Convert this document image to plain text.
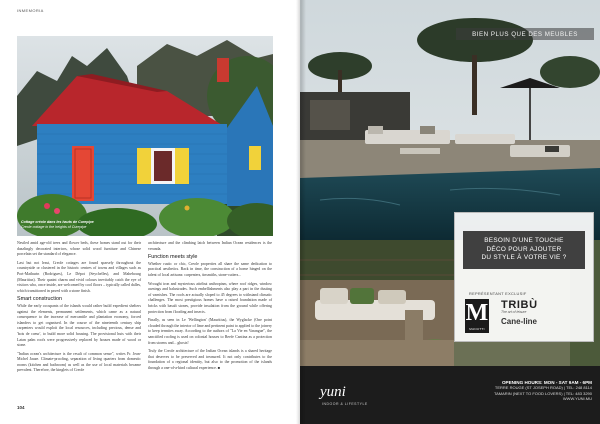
INMEMORIA
Cottage créole dans les hauts de Curepipe
Creole cottage in the heights of Curepipe

Nestled amid age-old trees and flower beds, these homes stand out for their dazzlingly decorated interiors, whose solid wood furniture and Chinese porcelain set the standard of elegance.

Last but not least, Creole cottages are found sparsely throughout the countryside or clustered in the historic centres of towns and villages such as Port-Mathurin (Rodrigues), Le Dépot (Seychelles), and Mahebourg (Mauritius). Their quaint charm and vivid colours inevitably catch the eye of visitors who, once inside, are welcomed by cool floors – typically called dalles, which transitioned in paved with a stone finish.

Smart construction

While the early occupants of the islands would rather build expedient shelters against the elements, permanent settlements, which came as a natural consequence to the increase of mercantile and plantation economy, forced islanders to get organised. In the course of the nineteenth century ship carpenters would exploit the local resources, including precious, dense and 'bois de coeur', to build more solid housing. The provisional huts with their Latan palm roofs were progressively replaced by houses made of wood or stone.

"Indian ocean's architecture is the result of common sense", writes Fr. Jean-Michel Jauze. Climate-proofing, separation of living quarters from domestic rooms (kitchen and bathroom) as well as the use of local materials became prevalent. Therefore, the kinglets of Creole

architecture and the climbing latch between Indian Ocean residences is the veranda.

Function meets style

Whether rustic or chic, Creole properties all share the same dedication to practical aesthetics. Back in time, the construction of a home hinged on the talent of local artisans: carpenters, tinsmiths, stone-cutters...

Wrought iron and mysterious attribut anthropism, where roof ridges, window awnings and balustrades. Such embellishments also play a part in the dusting of varnishes. The roofs are actually sloped to 45 degrees to withstand climatic challenges. The most prestigious homes have a raised foundation made of bricks with basalt stones, provide insulation from the ground while offering protection from flooding and insects.

Finally, as seen in Le 'Wellington' (Mauritius), the Wyglacke (One point clouded through the interior of lime and pertinent paint to applied to the joinery to keep termites away. According to the authors of "La Vie en Varangue", the sanctified roofing is used on colonial houses to Reefe Cantina as a protection from storms and... ghosts!

Truly the Creole architecture of the Indian Ocean islands is a shared heritage that deserves to be preserved and treasured. It not only contributes to the foundation of a regional identity, but also to the promotion of the islands through a one-of-a-kind cultural experience. ■

104
BIEN PLUS QUE DES MEUBLES
BESOIN D'UNE TOUCHE
DÉCO POUR AJOUTER
DU STYLE À VOTRE VIE ?
REPRÉSENTANT EXCLUSIF
M
MANUTTI
TRIBÙ
The art of leisure
Cane-line
yuni
INDOOR & LIFESTYLE
OPENING HOURS: MON - SAT 9AM - 6PM
TERRE ROUGE (ST JOSEPH ROAD) | TEL: 248 8114
TAMARIN (NEXT TO FOOD LOVERS) | TEL: 483 3290
WWW.YUNI.MU
